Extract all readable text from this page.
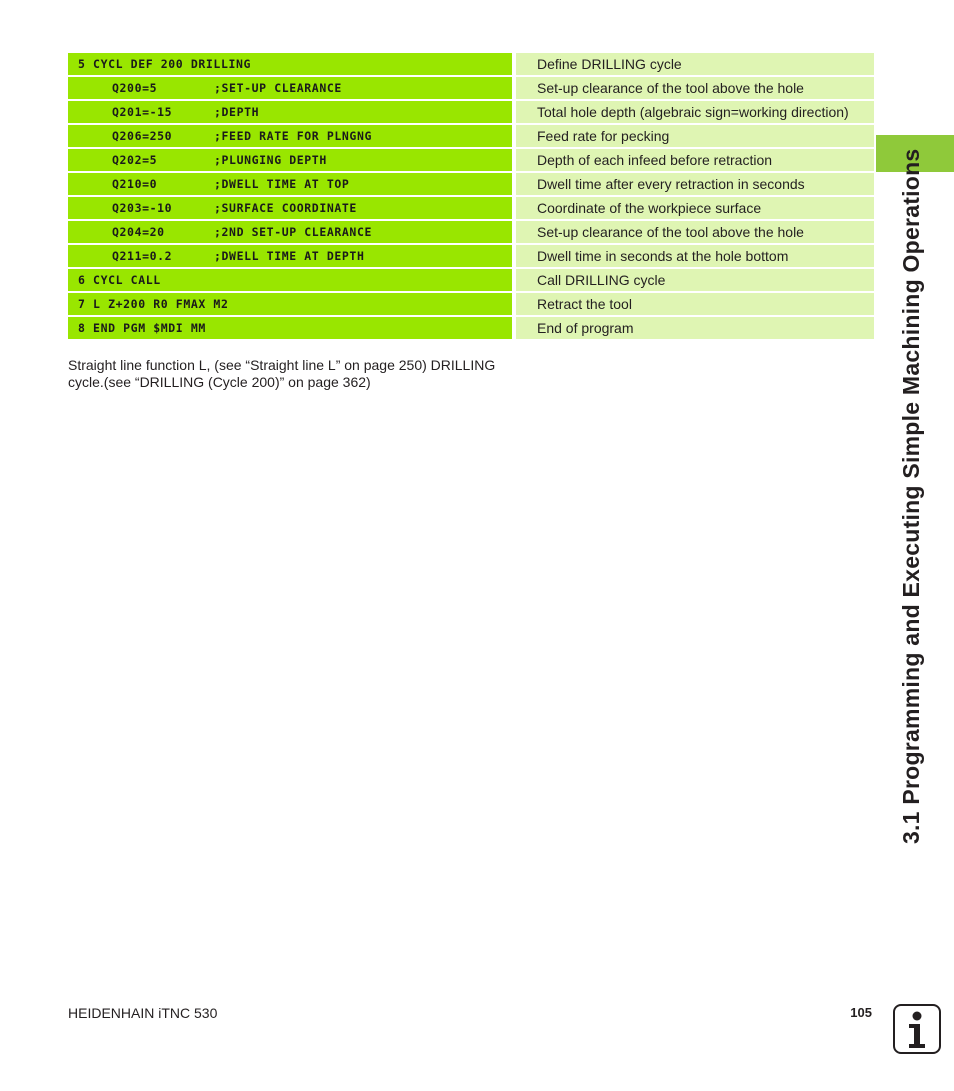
5 CYCL DEF 200 DRILLING	Define DRILLING cycle
Q200=5	;SET-UP CLEARANCE	Set-up clearance of the tool above the hole
Q201=-15	;DEPTH	Total hole depth (algebraic sign=working direction)
Q206=250	;FEED RATE FOR PLNGNG	Feed rate for pecking
Q202=5	;PLUNGING DEPTH	Depth of each infeed before retraction
Q210=0	;DWELL TIME AT TOP	Dwell time after every retraction in seconds
Q203=-10	;SURFACE COORDINATE	Coordinate of the workpiece surface
Q204=20	;2ND SET-UP CLEARANCE	Set-up clearance of the tool above the hole
Q211=0.2	;DWELL TIME AT DEPTH	Dwell time in seconds at the hole bottom
6 CYCL CALL	Call DRILLING cycle
7 L Z+200 R0 FMAX M2	Retract the tool
8 END PGM $MDI MM	End of program
Straight line function L, (see “Straight line L” on page 250) DRILLING
cycle.(see “DRILLING (Cycle 200)” on page 362)	3.1 Programming and Executing Simple Machining Operations
HEIDENHAIN iTNC 530	105
